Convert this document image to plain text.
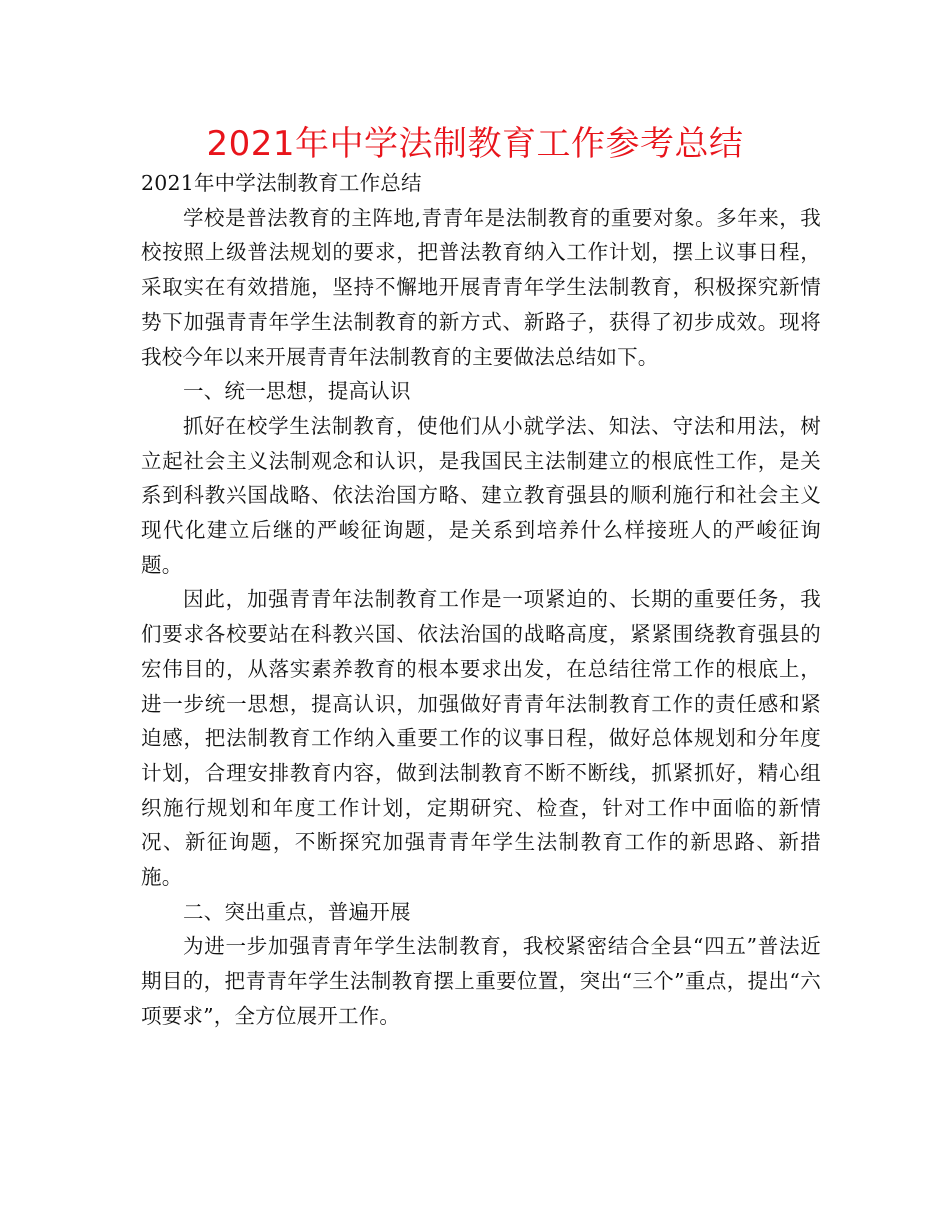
2021年中学法制教育工作参考总结

2021年中学法制教育工作总结

学校是普法教育的主阵地,青青年是法制教育的重要对象。多年来，我校按照上级普法规划的要求，把普法教育纳入工作计划，摆上议事日程，采取实在有效措施，坚持不懈地开展青青年学生法制教育，积极探究新情势下加强青青年学生法制教育的新方式、新路子，获得了初步成效。现将我校今年以来开展青青年法制教育的主要做法总结如下。

一、统一思想，提高认识

抓好在校学生法制教育，使他们从小就学法、知法、守法和用法，树立起社会主义法制观念和认识，是我国民主法制建立的根底性工作，是关系到科教兴国战略、依法治国方略、建立教育强县的顺利施行和社会主义现代化建立后继的严峻征询题，是关系到培养什么样接班人的严峻征询题。

因此，加强青青年法制教育工作是一项紧迫的、长期的重要任务，我们要求各校要站在科教兴国、依法治国的战略高度，紧紧围绕教育强县的宏伟目的，从落实素养教育的根本要求出发，在总结往常工作的根底上，进一步统一思想，提高认识，加强做好青青年法制教育工作的责任感和紧迫感，把法制教育工作纳入重要工作的议事日程，做好总体规划和分年度计划，合理安排教育内容，做到法制教育不断不断线，抓紧抓好，精心组织施行规划和年度工作计划，定期研究、检查，针对工作中面临的新情况、新征询题，不断探究加强青青年学生法制教育工作的新思路、新措施。

二、突出重点，普遍开展

为进一步加强青青年学生法制教育，我校紧密结合全县“四五”普法近期目的，把青青年学生法制教育摆上重要位置，突出“三个”重点，提出“六项要求”，全方位展开工作。
